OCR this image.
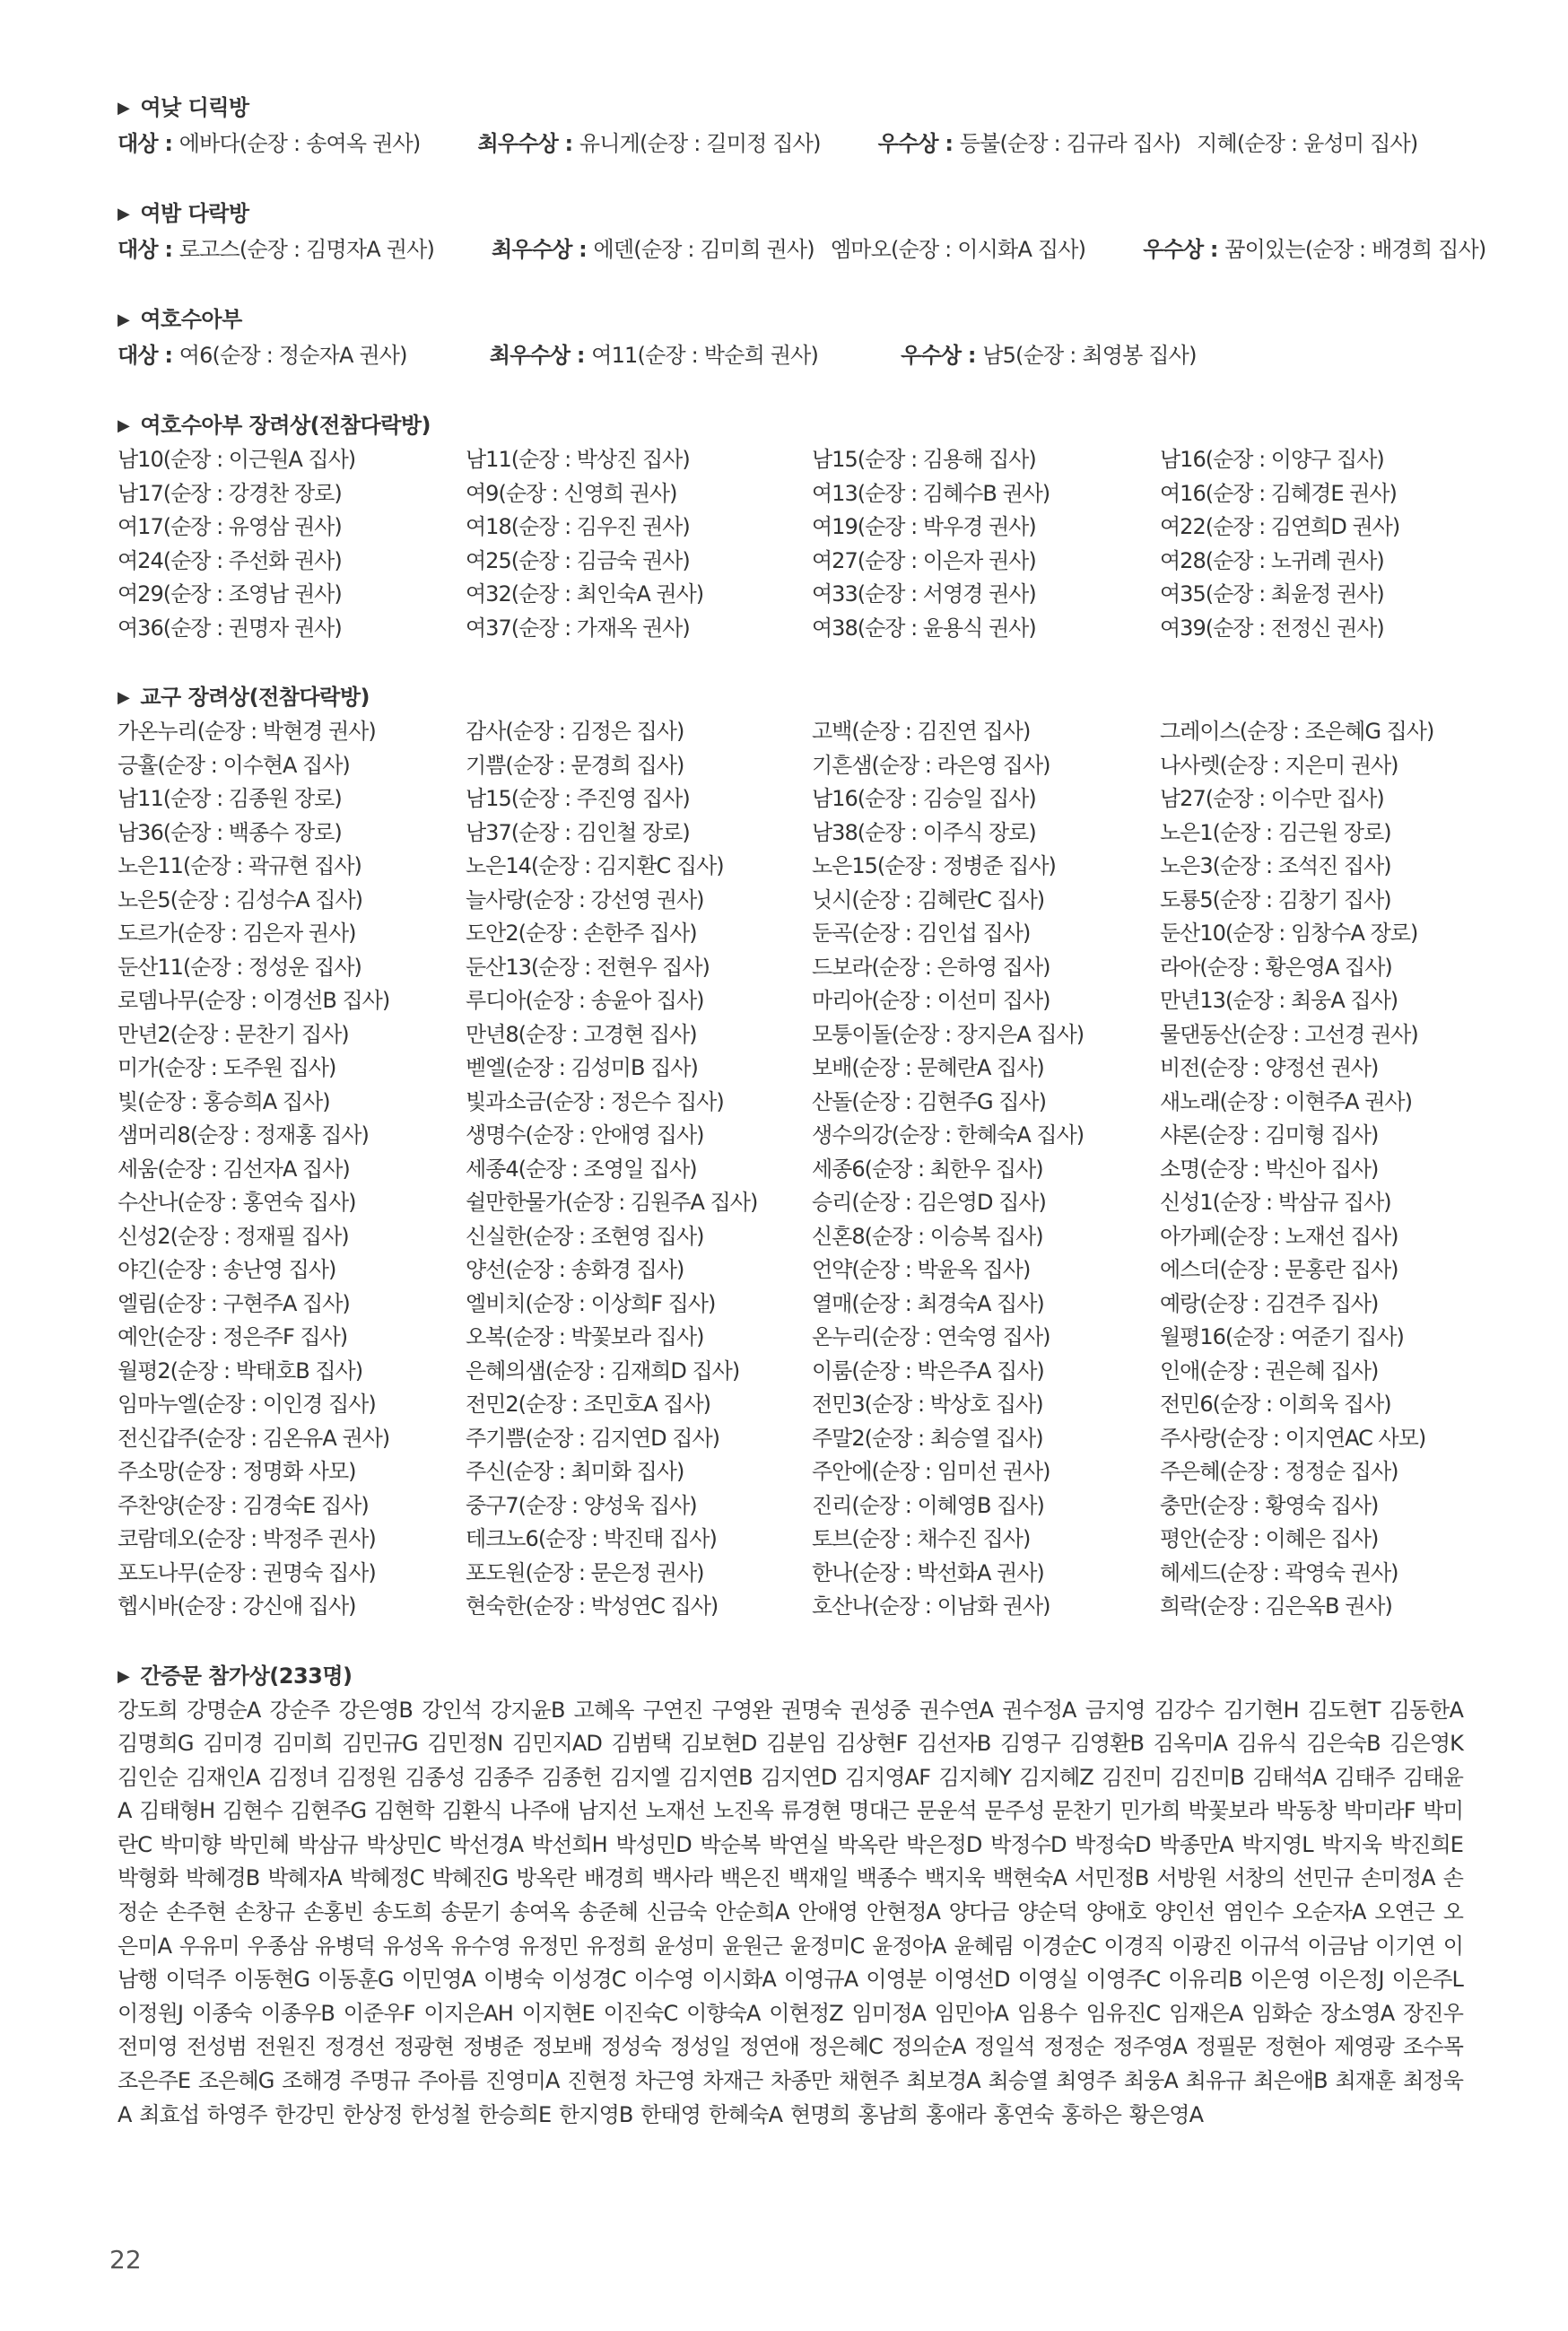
▶ 여낮 디릭방
대상 : 에바다(순장 : 송여옥 권사)	최우수상 : 유니게(순장 : 길미정 집사)	우수상 : 등불(순장 : 김규라 집사) 지혜(순장 : 윤성미 집사)
▶ 여밤 다락방
대상 : 로고스(순장 : 김명자A 권사)	최우수상 : 에덴(순장 : 김미희 권사) 엠마오(순장 : 이시화A 집사)	우수상 : 꿈이있는(순장 : 배경희 집사)
▶ 여호수아부
대상 : 여6(순장 : 정순자A 권사)	최우수상 : 여11(순장 : 박순희 권사)	우수상 : 남5(순장 : 최영봉 집사)
▶ 여호수아부 장려상(전참다락방)
남10(순장 : 이근원A 집사)	남11(순장 : 박상진 집사)	남15(순장 : 김용해 집사)	남16(순장 : 이양구 집사)
남17(순장 : 강경찬 장로)	여9(순장 : 신영희 권사)	여13(순장 : 김혜수B 권사)	여16(순장 : 김혜경E 권사)
여17(순장 : 유영삼 권사)	여18(순장 : 김우진 권사)	여19(순장 : 박우경 권사)	여22(순장 : 김연희D 권사)
여24(순장 : 주선화 권사)	여25(순장 : 김금숙 권사)	여27(순장 : 이은자 권사)	여28(순장 : 노귀례 권사)
여29(순장 : 조영남 권사)	여32(순장 : 최인숙A 권사)	여33(순장 : 서영경 권사)	여35(순장 : 최윤정 권사)
여36(순장 : 권명자 권사)	여37(순장 : 가재옥 권사)	여38(순장 : 윤용식 권사)	여39(순장 : 전정신 권사)
▶ 교구 장려상(전참다락방)
가온누리(순장 : 박현경 권사)	감사(순장 : 김정은 집사)	고백(순장 : 김진연 집사)	그레이스(순장 : 조은혜G 집사)
긍휼(순장 : 이수현A 집사)	기쁨(순장 : 문경희 집사)	기흔샘(순장 : 라은영 집사)	나사렛(순장 : 지은미 권사)
남11(순장 : 김종원 장로)	남15(순장 : 주진영 집사)	남16(순장 : 김승일 집사)	남27(순장 : 이수만 집사)
남36(순장 : 백종수 장로)	남37(순장 : 김인철 장로)	남38(순장 : 이주식 장로)	노은1(순장 : 김근원 장로)
노은11(순장 : 곽규현 집사)	노은14(순장 : 김지환C 집사)	노은15(순장 : 정병준 집사)	노은3(순장 : 조석진 집사)
노은5(순장 : 김성수A 집사)	늘사랑(순장 : 강선영 권사)	닛시(순장 : 김혜란C 집사)	도룡5(순장 : 김창기 집사)
도르가(순장 : 김은자 권사)	도안2(순장 : 손한주 집사)	둔곡(순장 : 김인섭 집사)	둔산10(순장 : 임창수A 장로)
둔산11(순장 : 정성운 집사)	둔산13(순장 : 전현우 집사)	드보라(순장 : 은하영 집사)	라아(순장 : 황은영A 집사)
로뎀나무(순장 : 이경선B 집사)	루디아(순장 : 송윤아 집사)	마리아(순장 : 이선미 집사)	만년13(순장 : 최웅A 집사)
만년2(순장 : 문찬기 집사)	만년8(순장 : 고경현 집사)	모퉁이돌(순장 : 장지은A 집사)	물댄동산(순장 : 고선경 권사)
미가(순장 : 도주원 집사)	벧엘(순장 : 김성미B 집사)	보배(순장 : 문혜란A 집사)	비전(순장 : 양정선 권사)
빛(순장 : 홍승희A 집사)	빛과소금(순장 : 정은수 집사)	산돌(순장 : 김현주G 집사)	새노래(순장 : 이현주A 권사)
샘머리8(순장 : 정재홍 집사)	생명수(순장 : 안애영 집사)	생수의강(순장 : 한혜숙A 집사)	샤론(순장 : 김미형 집사)
세움(순장 : 김선자A 집사)	세종4(순장 : 조영일 집사)	세종6(순장 : 최한우 집사)	소명(순장 : 박신아 집사)
수산나(순장 : 홍연숙 집사)	쉴만한물가(순장 : 김원주A 집사)	승리(순장 : 김은영D 집사)	신성1(순장 : 박삼규 집사)
신성2(순장 : 정재필 집사)	신실한(순장 : 조현영 집사)	신혼8(순장 : 이승복 집사)	아가페(순장 : 노재선 집사)
야긴(순장 : 송난영 집사)	양선(순장 : 송화경 집사)	언약(순장 : 박윤옥 집사)	에스더(순장 : 문홍란 집사)
엘림(순장 : 구현주A 집사)	엘비치(순장 : 이상희F 집사)	열매(순장 : 최경숙A 집사)	예랑(순장 : 김견주 집사)
예안(순장 : 정은주F 집사)	오복(순장 : 박꽃보라 집사)	온누리(순장 : 연숙영 집사)	월평16(순장 : 여준기 집사)
월평2(순장 : 박태호B 집사)	은혜의샘(순장 : 김재희D 집사)	이룸(순장 : 박은주A 집사)	인애(순장 : 권은혜 집사)
임마누엘(순장 : 이인경 집사)	전민2(순장 : 조민호A 집사)	전민3(순장 : 박상호 집사)	전민6(순장 : 이희욱 집사)
전신갑주(순장 : 김온유A 권사)	주기쁨(순장 : 김지연D 집사)	주말2(순장 : 최승열 집사)	주사랑(순장 : 이지연AC 사모)
주소망(순장 : 정명화 사모)	주신(순장 : 최미화 집사)	주안에(순장 : 임미선 권사)	주은혜(순장 : 정정순 집사)
주찬양(순장 : 김경숙E 집사)	중구7(순장 : 양성욱 집사)	진리(순장 : 이혜영B 집사)	충만(순장 : 황영숙 집사)
코람데오(순장 : 박정주 권사)	테크노6(순장 : 박진태 집사)	토브(순장 : 채수진 집사)	평안(순장 : 이혜은 집사)
포도나무(순장 : 권명숙 집사)	포도원(순장 : 문은정 권사)	한나(순장 : 박선화A 권사)	헤세드(순장 : 곽영숙 권사)
헵시바(순장 : 강신애 집사)	현숙한(순장 : 박성연C 집사)	호산나(순장 : 이남화 권사)	희락(순장 : 김은옥B 권사)
▶ 간증문 참가상(233명)
강도희 강명순A 강순주 강은영B 강인석 강지윤B 고혜옥 구연진 구영완 권명숙 권성중 권수연A 권수정A 금지영 김강수 김기현H 김도현T 김동한A 김명희G 김미경 김미희 김민규G 김민정N 김민지AD 김범택 김보현D 김분임 김상현F 김선자B 김영구 김영환B 김옥미A 김유식 김은숙B 김은영K 김인순 김재인A 김정녀 김정원 김종성 김종주 김종헌 김지엘 김지연B 김지연D 김지영AF 김지혜Y 김지혜Z 김진미 김진미B 김태석A 김태주 김태윤A 김태형H 김현수 김현주G 김현학 김환식 나주애 남지선 노재선 노진옥 류경현 명대근 문운석 문주성 문찬기 민가희 박꽃보라 박동창 박미라F 박미란C 박미향 박민혜 박삼규 박상민C 박선경A 박선희H 박성민D 박순복 박연실 박옥란 박은정D 박정수D 박정숙D 박종만A 박지영L 박지욱 박진희E 박형화 박혜경B 박혜자A 박혜정C 박혜진G 방옥란 배경희 백사라 백은진 백재일 백종수 백지욱 백현숙A 서민정B 서방원 서창의 선민규 손미정A 손정순 손주현 손창규 손홍빈 송도희 송문기 송여옥 송준혜 신금숙 안순희A 안애영 안현정A 양다금 양순덕 양애호 양인선 염인수 오순자A 오연근 오은미A 우유미 우종삼 유병덕 유성옥 유수영 유정민 유정희 윤성미 윤원근 윤정미C 윤정아A 윤혜림 이경순C 이경직 이광진 이규석 이금남 이기연 이남행 이덕주 이동현G 이동훈G 이민영A 이병숙 이성경C 이수영 이시화A 이영규A 이영분 이영선D 이영실 이영주C 이유리B 이은영 이은정J 이은주L 이정원J 이종숙 이종우B 이준우F 이지은AH 이지현E 이진숙C 이향숙A 이현정Z 임미정A 임민아A 임용수 임유진C 임재은A 임화순 장소영A 장진우 전미영 전성범 전원진 정경선 정광현 정병준 정보배 정성숙 정성일 정연애 정은혜C 정의순A 정일석 정정순 정주영A 정필문 정현아 제영광 조수목 조은주E 조은혜G 조해경 주명규 주아름 진영미A 진현정 차근영 차재근 차종만 채현주 최보경A 최승열 최영주 최웅A 최유규 최은애B 최재훈 최정욱A 최효섭 하영주 한강민 한상정 한성철 한승희E 한지영B 한태영 한혜숙A 현명희 홍남희 홍애라 홍연숙 홍하은 황은영A
22
